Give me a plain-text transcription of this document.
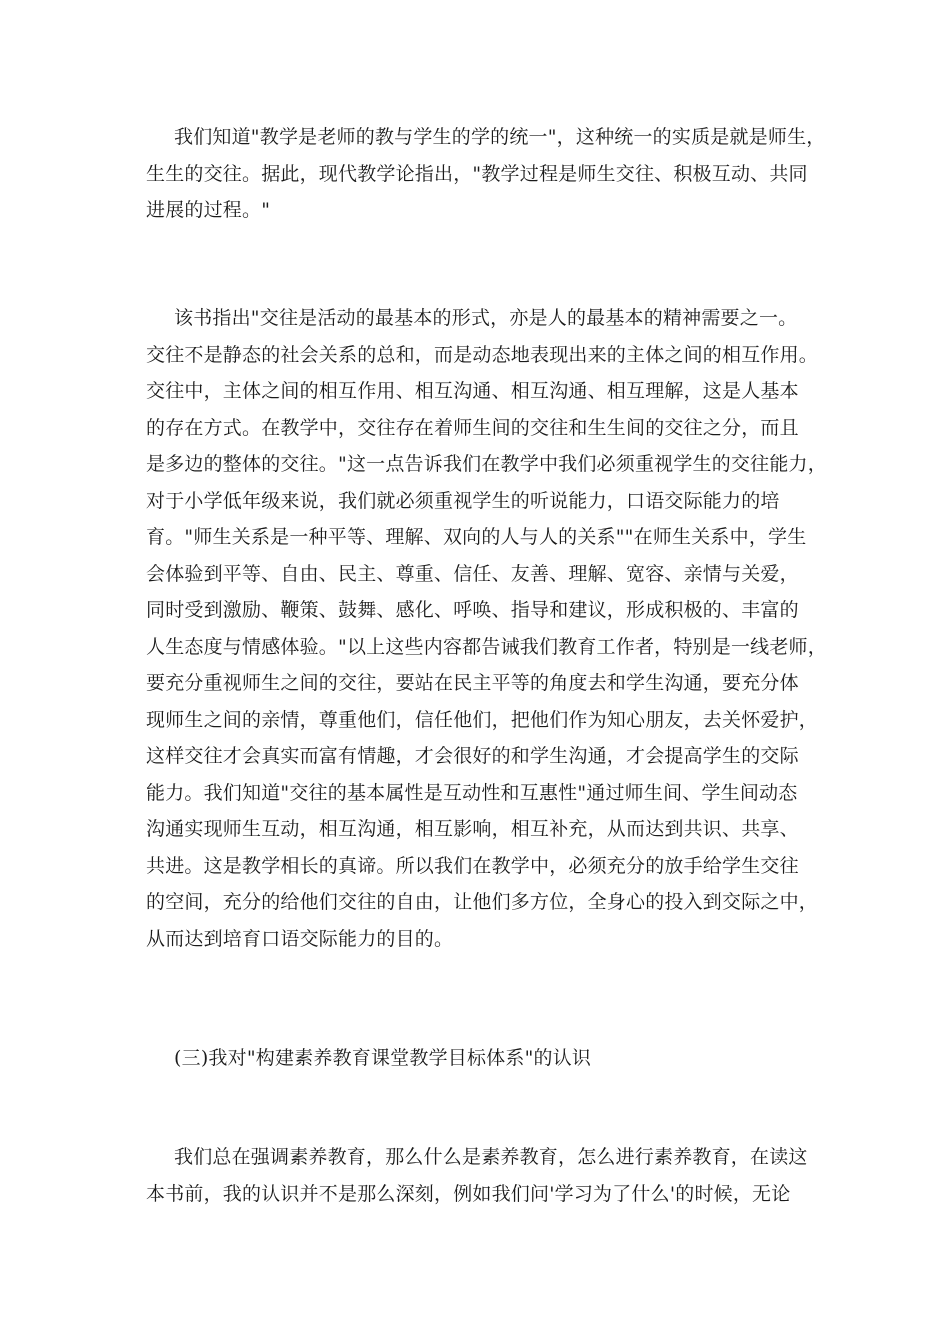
我们知道"教学是老师的教与学生的学的统一"，这种统一的实质是就是师生，
生生的交往。据此，现代教学论指出，"教学过程是师生交往、积极互动、共同
进展的过程。"
该书指出"交往是活动的最基本的形式，亦是人的最基本的精神需要之一。
交往不是静态的社会关系的总和，而是动态地表现出来的主体之间的相互作用。
交往中，主体之间的相互作用、相互沟通、相互沟通、相互理解，这是人基本
的存在方式。在教学中，交往存在着师生间的交往和生生间的交往之分，而且
是多边的整体的交往。"这一点告诉我们在教学中我们必须重视学生的交往能力，
对于小学低年级来说，我们就必须重视学生的听说能力，口语交际能力的培
育。"师生关系是一种平等、理解、双向的人与人的关系""在师生关系中，学生
会体验到平等、自由、民主、尊重、信任、友善、理解、宽容、亲情与关爱，
同时受到激励、鞭策、鼓舞、感化、呼唤、指导和建议，形成积极的、丰富的
人生态度与情感体验。"以上这些内容都告诫我们教育工作者，特别是一线老师，
要充分重视师生之间的交往，要站在民主平等的角度去和学生沟通，要充分体
现师生之间的亲情，尊重他们，信任他们，把他们作为知心朋友，去关怀爱护，
这样交往才会真实而富有情趣，才会很好的和学生沟通，才会提高学生的交际
能力。我们知道"交往的基本属性是互动性和互惠性"通过师生间、学生间动态
沟通实现师生互动，相互沟通，相互影响，相互补充，从而达到共识、共享、
共进。这是教学相长的真谛。所以我们在教学中，必须充分的放手给学生交往
的空间，充分的给他们交往的自由，让他们多方位，全身心的投入到交际之中，
从而达到培育口语交际能力的目的。
(三)我对"构建素养教育课堂教学目标体系"的认识
我们总在强调素养教育，那么什么是素养教育，怎么进行素养教育，在读这
本书前，我的认识并不是那么深刻，例如我们问'学习为了什么'的时候，无论
